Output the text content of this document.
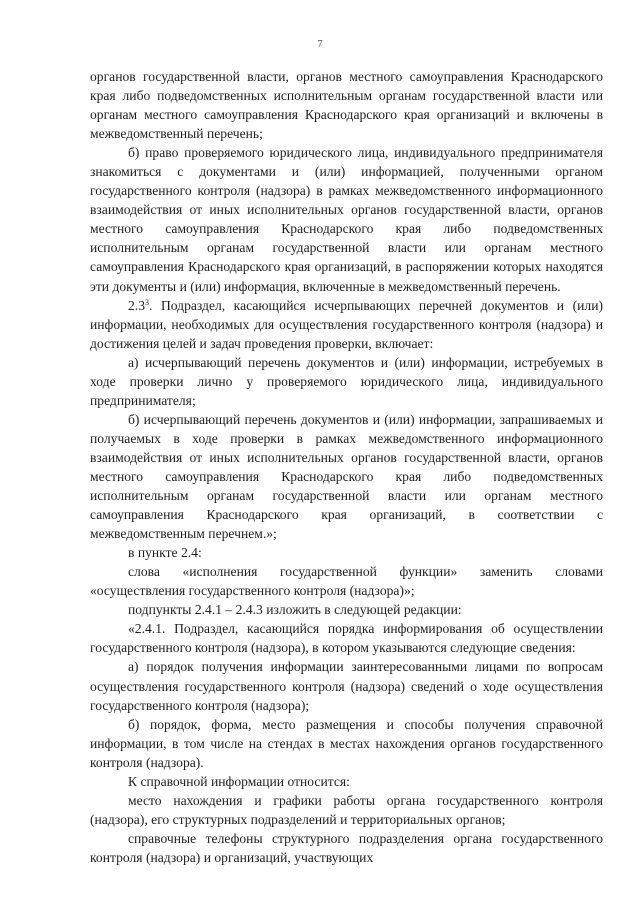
7

органов государственной власти, органов местного самоуправления Краснодарского края либо подведомственных исполнительным органам государственной власти или органам местного самоуправления Краснодарского края организаций и включены в межведомственный перечень;

б) право проверяемого юридического лица, индивидуального предпринимателя знакомиться с документами и (или) информацией, полученными органом государственного контроля (надзора) в рамках межведомственного информационного взаимодействия от иных исполнительных органов государственной власти, органов местного самоуправления Краснодарского края либо подведомственных исполнительным органам государственной власти или органам местного самоуправления Краснодарского края организаций, в распоряжении которых находятся эти документы и (или) информация, включенные в межведомственный перечень.

$2.3^3$. Подраздел, касающийся исчерпывающих перечней документов и (или) информации, необходимых для осуществления государственного контроля (надзора) и достижения целей и задач проведения проверки, включает:

а) исчерпывающий перечень документов и (или) информации, истребуемых в ходе проверки лично у проверяемого юридического лица, индивидуального предпринимателя;

б) исчерпывающий перечень документов и (или) информации, запрашиваемых и получаемых в ходе проверки в рамках межведомственного информационного взаимодействия от иных исполнительных органов государственной власти, органов местного самоуправления Краснодарского края либо подведомственных исполнительным органам государственной власти или органам местного самоуправления Краснодарского края организаций, в соответствии с межведомственным перечнем.»;

в пункте 2.4:

слова «исполнения государственной функции» заменить словами «осуществления государственного контроля (надзора)»;

подпункты 2.4.1 – 2.4.3 изложить в следующей редакции:

«2.4.1. Подраздел, касающийся порядка информирования об осуществлении государственного контроля (надзора), в котором указываются следующие сведения:

а) порядок получения информации заинтересованными лицами по вопросам осуществления государственного контроля (надзора) сведений о ходе осуществления государственного контроля (надзора);

б) порядок, форма, место размещения и способы получения справочной информации, в том числе на стендах в местах нахождения органов государственного контроля (надзора).

К справочной информации относится:

место нахождения и графики работы органа государственного контроля (надзора), его структурных подразделений и территориальных органов;

справочные телефоны структурного подразделения органа государственного контроля (надзора) и организаций, участвующих
